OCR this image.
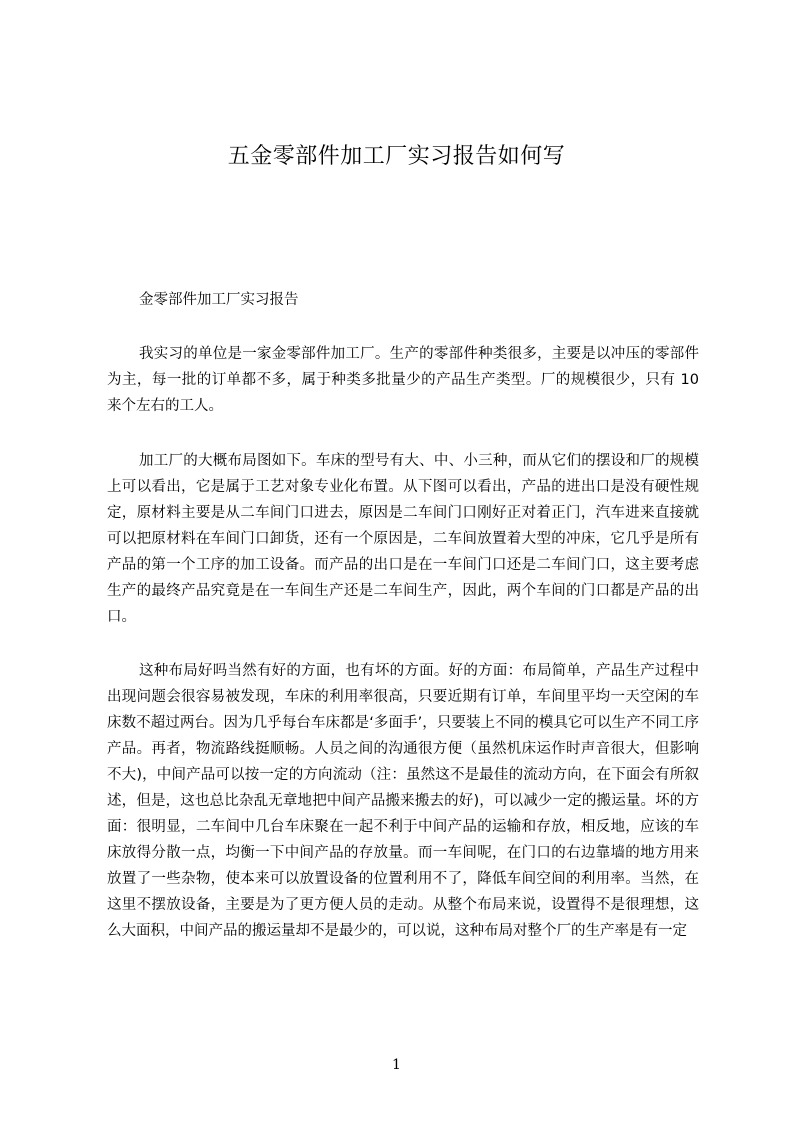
五金零部件加工厂实习报告如何写
金零部件加工厂实习报告
我实习的单位是一家金零部件加工厂。生产的零部件种类很多，主要是以冲压的零部件为主，每一批的订单都不多，属于种类多批量少的产品生产类型。厂的规模很少，只有 10 来个左右的工人。
加工厂的大概布局图如下。车床的型号有大、中、小三种，而从它们的摆设和厂的规模上可以看出，它是属于工艺对象专业化布置。从下图可以看出，产品的进出口是没有硬性规定，原材料主要是从二车间门口进去，原因是二车间门口刚好正对着正门，汽车进来直接就可以把原材料在车间门口卸货，还有一个原因是，二车间放置着大型的冲床，它几乎是所有产品的第一个工序的加工设备。而产品的出口是在一车间门口还是二车间门口，这主要考虑生产的最终产品究竟是在一车间生产还是二车间生产，因此，两个车间的门口都是产品的出口。
这种布局好吗当然有好的方面，也有坏的方面。好的方面：布局简单，产品生产过程中出现问题会很容易被发现，车床的利用率很高，只要近期有订单，车间里平均一天空闲的车床数不超过两台。因为几乎每台车床都是‘多面手’，只要装上不同的模具它可以生产不同工序产品。再者，物流路线挺顺畅。人员之间的沟通很方便（虽然机床运作时声音很大，但影响不大)，中间产品可以按一定的方向流动（注：虽然这不是最佳的流动方向，在下面会有所叙述，但是，这也总比杂乱无章地把中间产品搬来搬去的好)，可以减少一定的搬运量。坏的方面：很明显，二车间中几台车床聚在一起不利于中间产品的运输和存放，相反地，应该的车床放得分散一点，均衡一下中间产品的存放量。而一车间呢，在门口的右边靠墙的地方用来放置了一些杂物，使本来可以放置设备的位置利用不了，降低车间空间的利用率。当然，在这里不摆放设备，主要是为了更方便人员的走动。从整个布局来说，设置得不是很理想，这么大面积，中间产品的搬运量却不是最少的，可以说，这种布局对整个厂的生产率是有一定
1
